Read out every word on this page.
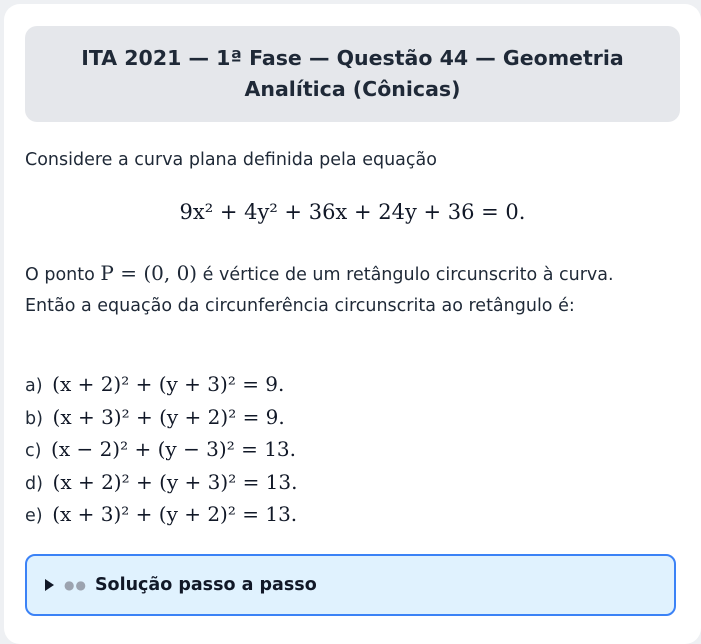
ITA 2021 — 1ª Fase — Questão 44 — Geometria Analítica (Cônicas)
Considere a curva plana definida pela equação
9x² + 4y² + 36x + 24y + 36 = 0.
O ponto P = (0, 0) é vértice de um retângulo circunscrito à curva. Então a equação da circunferência circunscrita ao retângulo é:
a) (x + 2)² + (y + 3)² = 9.
b) (x + 3)² + (y + 2)² = 9.
c) (x − 2)² + (y − 3)² = 13.
d) (x + 2)² + (y + 3)² = 13.
e) (x + 3)² + (y + 2)² = 13.
●● Solução passo a passo
